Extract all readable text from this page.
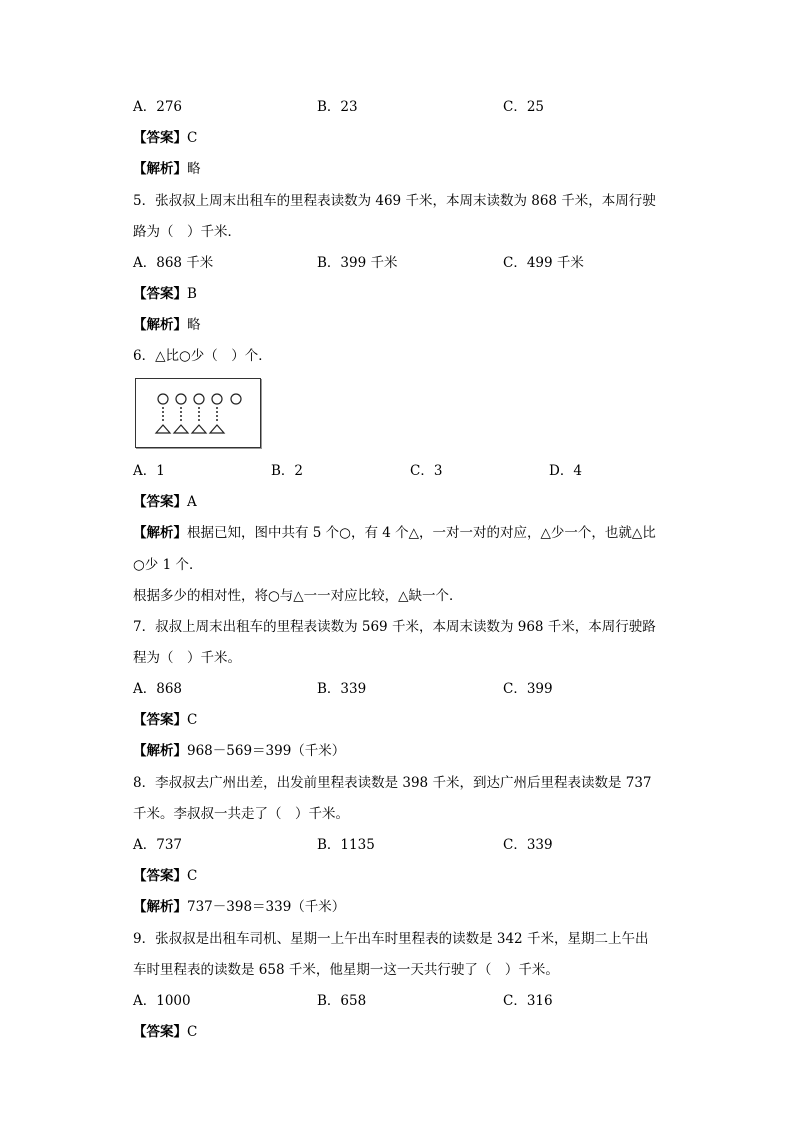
A．276	B．23	C．25
【答案】C
【解析】略
5．张叔叔上周末出租车的里程表读数为 469 千米，本周末读数为 868 千米，本周行驶
路为（　）千米．
A．868 千米	B．399 千米	C．499 千米
【答案】B
【解析】略
6．△比○少（　）个．
A．1	B．2	C．3	D．4
【答案】A
【解析】根据已知，图中共有 5 个○，有 4 个△，一对一对的对应，△少一个，也就△比
○少 1 个．
根据多少的相对性，将○与△一一对应比较，△缺一个．
7．叔叔上周末出租车的里程表读数为 569 千米，本周末读数为 968 千米，本周行驶路
程为（　）千米。
A．868	B．339	C．399
【答案】C
【解析】968－569＝399（千米）
8．李叔叔去广州出差，出发前里程表读数是 398 千米，到达广州后里程表读数是 737
千米。李叔叔一共走了（　）千米。
A．737	B．1135	C．339
【答案】C
【解析】737－398＝339（千米）
9．张叔叔是出租车司机、星期一上午出车时里程表的读数是 342 千米，星期二上午出
车时里程表的读数是 658 千米，他星期一这一天共行驶了（　）千米。
A．1000	B．658	C．316
【答案】C
